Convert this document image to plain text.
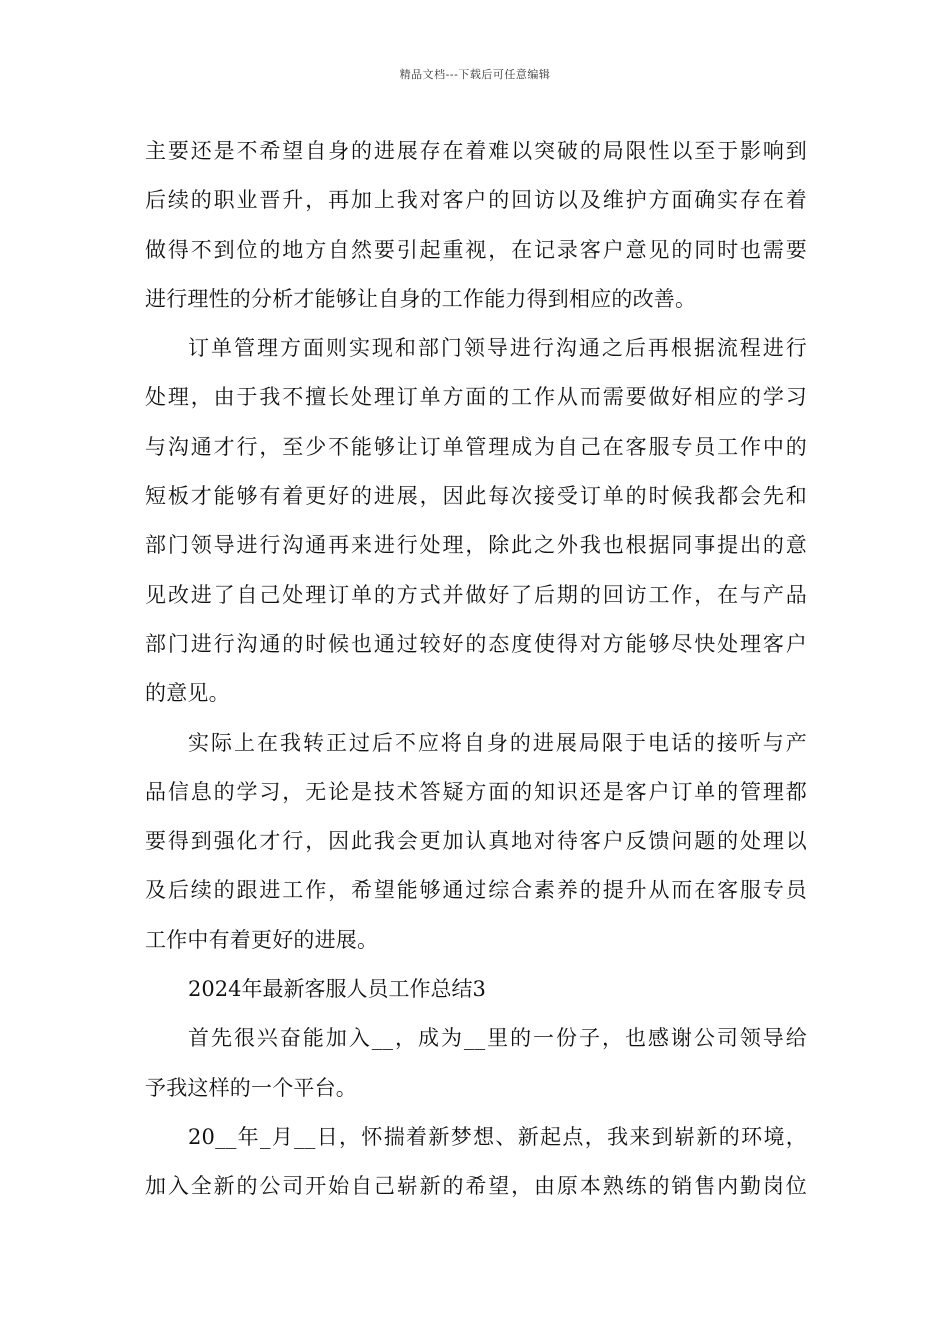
精品文档---下载后可任意编辑
主要还是不希望自身的进展存在着难以突破的局限性以至于影响到
后续的职业晋升，再加上我对客户的回访以及维护方面确实存在着
做得不到位的地方自然要引起重视，在记录客户意见的同时也需要
进行理性的分析才能够让自身的工作能力得到相应的改善。
订单管理方面则实现和部门领导进行沟通之后再根据流程进行
处理，由于我不擅长处理订单方面的工作从而需要做好相应的学习
与沟通才行，至少不能够让订单管理成为自己在客服专员工作中的
短板才能够有着更好的进展，因此每次接受订单的时候我都会先和
部门领导进行沟通再来进行处理，除此之外我也根据同事提出的意
见改进了自己处理订单的方式并做好了后期的回访工作，在与产品
部门进行沟通的时候也通过较好的态度使得对方能够尽快处理客户
的意见。
实际上在我转正过后不应将自身的进展局限于电话的接听与产
品信息的学习，无论是技术答疑方面的知识还是客户订单的管理都
要得到强化才行，因此我会更加认真地对待客户反馈问题的处理以
及后续的跟进工作，希望能够通过综合素养的提升从而在客服专员
工作中有着更好的进展。
2024年最新客服人员工作总结3
首先很兴奋能加入__，成为__里的一份子，也感谢公司领导给
予我这样的一个平台。
20__年_月__日，怀揣着新梦想、新起点，我来到崭新的环境，
加入全新的公司开始自己崭新的希望，由原本熟练的销售内勤岗位
